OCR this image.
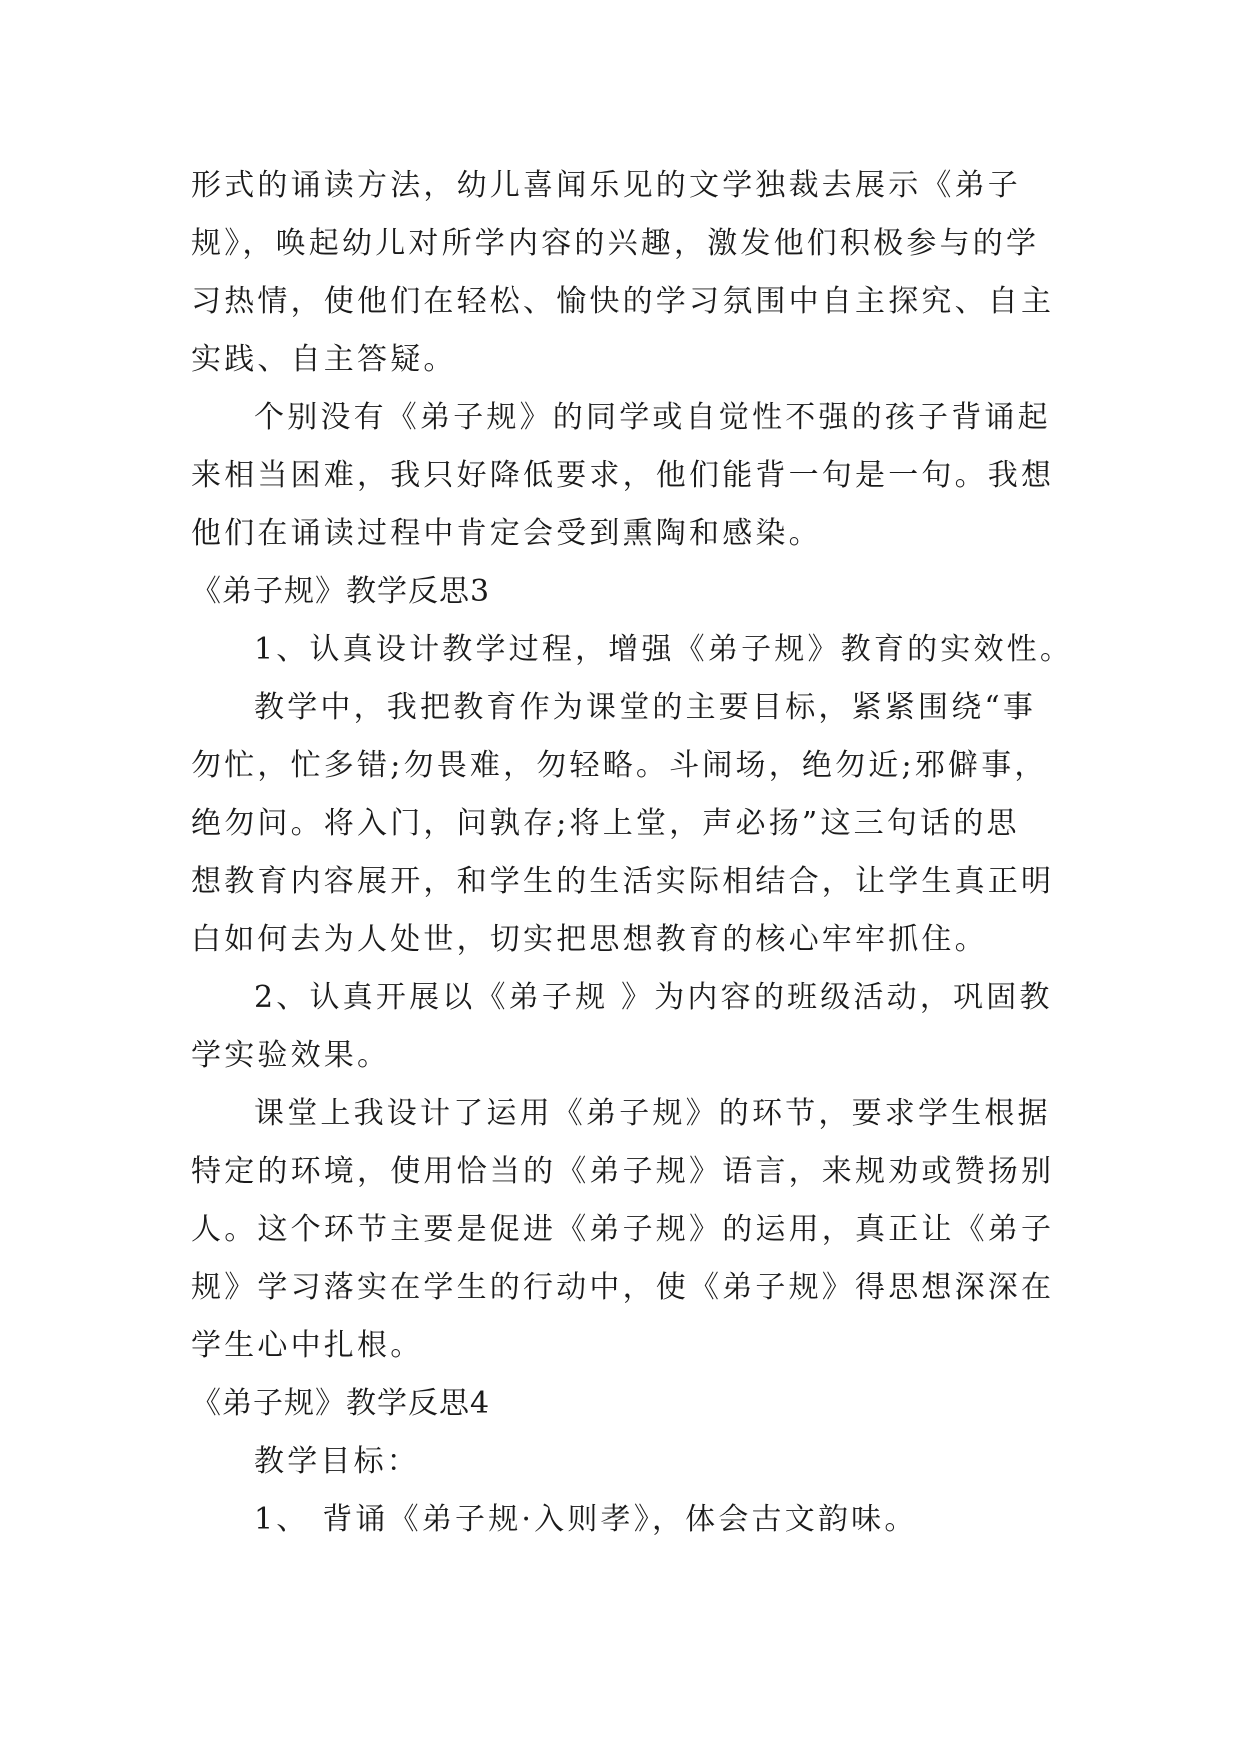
形式的诵读方法，幼儿喜闻乐见的文学独裁去展示《弟子
规》，唤起幼儿对所学内容的兴趣，激发他们积极参与的学
习热情，使他们在轻松、愉快的学习氛围中自主探究、自主
实践、自主答疑。
个别没有《弟子规》的同学或自觉性不强的孩子背诵起
来相当困难，我只好降低要求，他们能背一句是一句。我想
他们在诵读过程中肯定会受到熏陶和感染。
《弟子规》教学反思3
1、认真设计教学过程，增强《弟子规》教育的实效性。
教学中，我把教育作为课堂的主要目标，紧紧围绕“事
勿忙，忙多错;勿畏难，勿轻略。斗闹场，绝勿近;邪僻事，
绝勿问。将入门，问孰存;将上堂，声必扬”这三句话的思
想教育内容展开，和学生的生活实际相结合，让学生真正明
白如何去为人处世，切实把思想教育的核心牢牢抓住。
2、认真开展以《弟子规 》为内容的班级活动，巩固教
学实验效果。
课堂上我设计了运用《弟子规》的环节，要求学生根据
特定的环境，使用恰当的《弟子规》语言，来规劝或赞扬别
人。这个环节主要是促进《弟子规》的运用，真正让《弟子
规》学习落实在学生的行动中，使《弟子规》得思想深深在
学生心中扎根。
《弟子规》教学反思4
教学目标：
1、 背诵《弟子规·入则孝》，体会古文韵味。
